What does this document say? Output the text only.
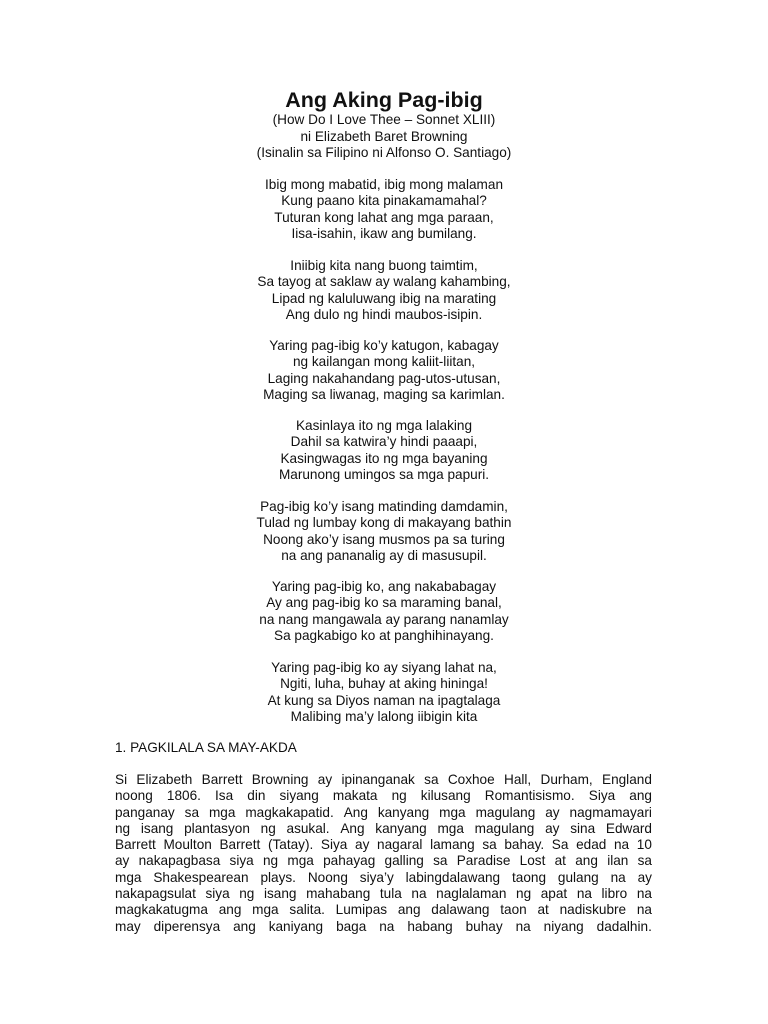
Ang Aking Pag-ibig
(How Do I Love Thee – Sonnet XLIII)
ni Elizabeth Baret Browning
(Isinalin sa Filipino ni Alfonso O. Santiago)
Ibig mong mabatid, ibig mong malaman
Kung paano kita pinakamamahal?
Tuturan kong lahat ang mga paraan,
Iisa-isahin, ikaw ang bumilang.
Iniibig kita nang buong taimtim,
Sa tayog at saklaw ay walang kahambing,
Lipad ng kaluluwang ibig na marating
Ang dulo ng hindi maubos-isipin.
Yaring pag-ibig ko’y katugon, kabagay
ng kailangan mong kaliit-liitan,
Laging nakahandang pag-utos-utusan,
Maging sa liwanag, maging sa karimlan.
Kasinlaya ito ng mga lalaking
Dahil sa katwira’y hindi paaapi,
Kasingwagas ito ng mga bayaning
Marunong umingos sa mga papuri.
Pag-ibig ko’y isang matinding damdamin,
Tulad ng lumbay kong di makayang bathin
Noong ako’y isang musmos pa sa turing
na ang pananalig ay di masusupil.
Yaring pag-ibig ko, ang nakababagay
Ay ang pag-ibig ko sa maraming banal,
na nang mangawala ay parang nanamlay
Sa pagkabigo ko at panghihinayang.
Yaring pag-ibig ko ay siyang lahat na,
Ngiti, luha, buhay at aking hininga!
At kung sa Diyos naman na ipagtalaga
Malibing ma’y lalong iibigin kita
1. PAGKILALA SA MAY-AKDA
Si Elizabeth Barrett Browning ay ipinanganak sa Coxhoe Hall, Durham, England
noong 1806. Isa din siyang makata ng kilusang Romantisismo. Siya ang
panganay sa mga magkakapatid. Ang kanyang mga magulang ay nagmamayari
ng isang plantasyon ng asukal. Ang kanyang mga magulang ay sina Edward
Barrett Moulton Barrett (Tatay). Siya ay nagaral lamang sa bahay. Sa edad na 10
ay nakapagbasa siya ng mga pahayag galling sa Paradise Lost at ang ilan sa
mga Shakespearean plays. Noong siya’y labingdalawang taong gulang na ay
nakapagsulat siya ng isang mahabang tula na naglalaman ng apat na libro na
magkakatugma ang mga salita. Lumipas ang dalawang taon at nadiskubre na
may diperensya ang kaniyang baga na habang buhay na niyang dadalhin.
